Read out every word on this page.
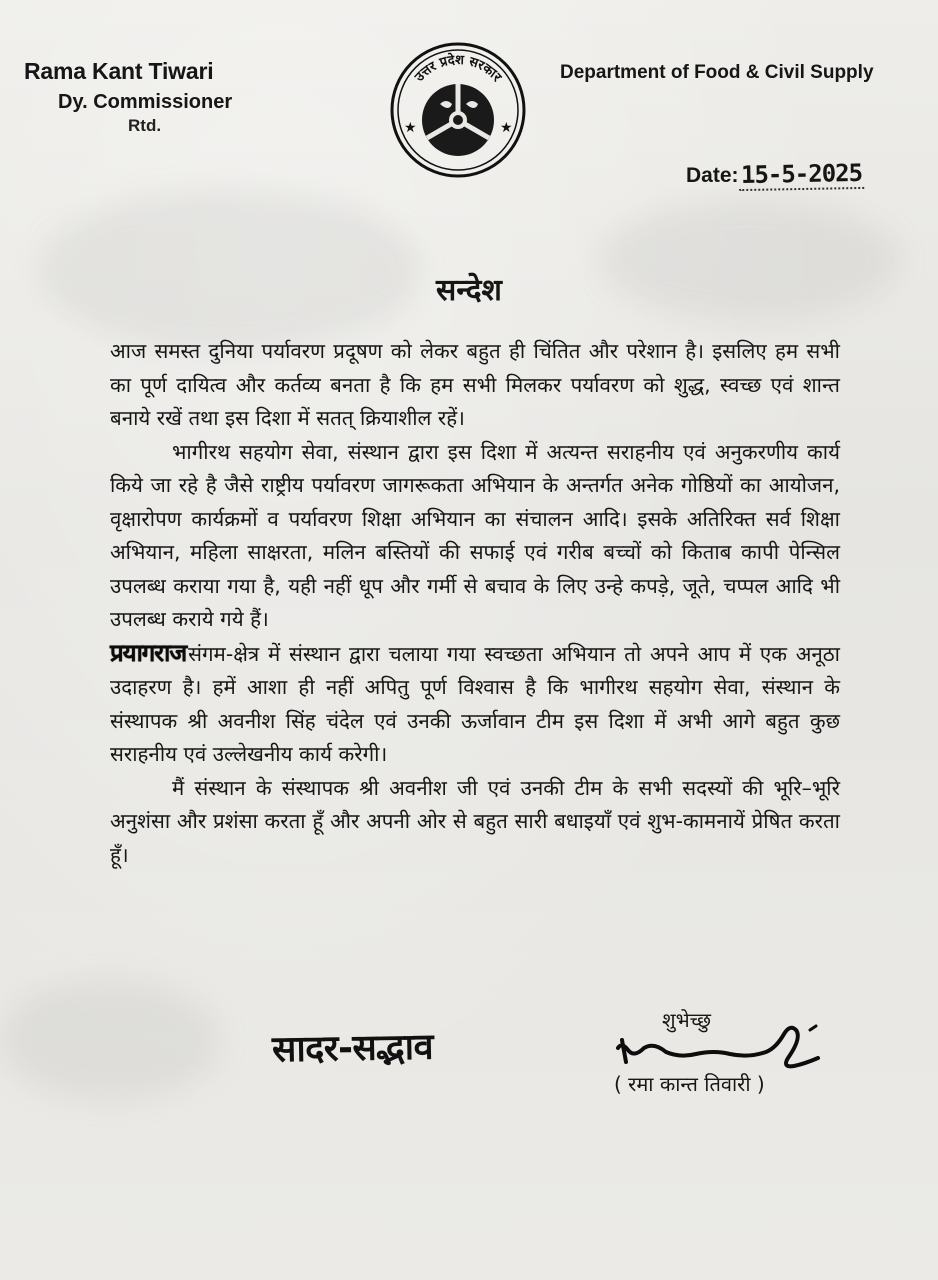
Rama Kant Tiwari
Dy. Commissioner
Rtd.
Department of Food & Civil Supply
उत्तर प्रदेश सरकार
★	★
Date:15-5-2025
सन्देश

आज समस्त दुनिया पर्यावरण प्रदूषण को लेकर बहुत ही चिंतित और परेशान है। इसलिए हम सभी का पूर्ण दायित्व और कर्तव्य बनता है कि हम सभी मिलकर पर्यावरण को शुद्ध, स्वच्छ एवं शान्त बनाये रखें तथा इस दिशा में सतत् क्रियाशील रहें।

भागीरथ सहयोग सेवा, संस्थान द्वारा इस दिशा में अत्यन्त सराहनीय एवं अनुकरणीय कार्य किये जा रहे है जैसे राष्ट्रीय पर्यावरण जागरूकता अभियान के अन्तर्गत अनेक गोष्ठियों का आयोजन, वृक्षारोपण कार्यक्रमों व पर्यावरण शिक्षा अभियान का संचालन आदि। इसके अतिरिक्त सर्व शिक्षा अभियान, महिला साक्षरता, मलिन बस्तियों की सफाई एवं गरीब बच्चों को किताब कापी पेन्सिल उपलब्ध कराया गया है, यही नहीं धूप और गर्मी से बचाव के लिए उन्हे कपड़े, जूते, चप्पल आदि भी उपलब्ध कराये गये हैं।

प्रयागराजसंगम-क्षेत्र में संस्थान द्वारा चलाया गया स्वच्छता अभियान तो अपने आप में एक अनूठा उदाहरण है। हमें आशा ही नहीं अपितु पूर्ण विश्वास है कि भागीरथ सहयोग सेवा, संस्थान के संस्थापक श्री अवनीश सिंह चंदेल एवं उनकी ऊर्जावान टीम इस दिशा में अभी आगे बहुत कुछ सराहनीय एवं उल्लेखनीय कार्य करेगी।

मैं संस्थान के संस्थापक श्री अवनीश जी एवं उनकी टीम के सभी सदस्यों की भूरि–भूरि अनुशंसा और प्रशंसा करता हूँ और अपनी ओर से बहुत सारी बधाइयाँ एवं शुभ-कामनायें प्रेषित करता हूँ।

सादर-सद्भाव
शुभेच्छु
( रमा कान्त तिवारी )
